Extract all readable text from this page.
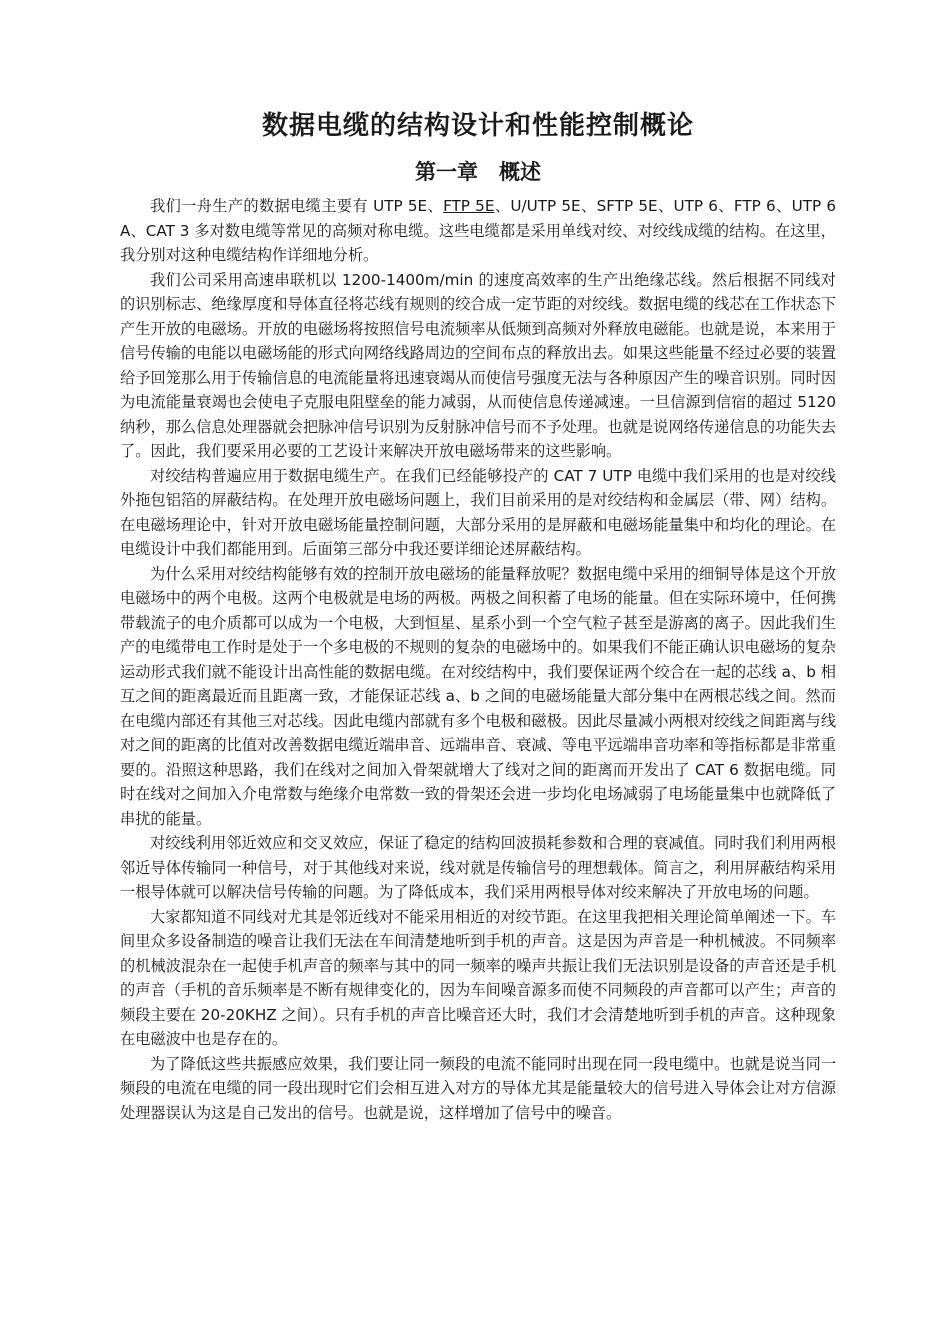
数据电缆的结构设计和性能控制概论
第一章　概述

我们一舟生产的数据电缆主要有 UTP 5E、FTP 5E、U/UTP 5E、SFTP 5E、UTP 6、FTP 6、UTP 6A、CAT 3 多对数电缆等常见的高频对称电缆。这些电缆都是采用单线对绞、对绞线成缆的结构。在这里，我分别对这种电缆结构作详细地分析。

我们公司采用高速串联机以 1200-1400m/min 的速度高效率的生产出绝缘芯线。然后根据不同线对的识别标志、绝缘厚度和导体直径将芯线有规则的绞合成一定节距的对绞线。数据电缆的线芯在工作状态下产生开放的电磁场。开放的电磁场将按照信号电流频率从低频到高频对外释放电磁能。也就是说，本来用于信号传输的电能以电磁场能的形式向网络线路周边的空间布点的释放出去。如果这些能量不经过必要的装置给予回笼那么用于传输信息的电流能量将迅速衰竭从而使信号强度无法与各种原因产生的噪音识别。同时因为电流能量衰竭也会使电子克服电阻壁垒的能力减弱，从而使信息传递减速。一旦信源到信宿的超过 5120 纳秒，那么信息处理器就会把脉冲信号识别为反射脉冲信号而不予处理。也就是说网络传递信息的功能失去了。因此，我们要采用必要的工艺设计来解决开放电磁场带来的这些影响。

对绞结构普遍应用于数据电缆生产。在我们已经能够投产的 CAT 7 UTP 电缆中我们采用的也是对绞线外拖包铝箔的屏蔽结构。在处理开放电磁场问题上，我们目前采用的是对绞结构和金属层（带、网）结构。在电磁场理论中，针对开放电磁场能量控制问题，大部分采用的是屏蔽和电磁场能量集中和均化的理论。在电缆设计中我们都能用到。后面第三部分中我还要详细论述屏蔽结构。

为什么采用对绞结构能够有效的控制开放电磁场的能量释放呢？数据电缆中采用的细铜导体是这个开放电磁场中的两个电极。这两个电极就是电场的两极。两极之间积蓄了电场的能量。但在实际环境中，任何携带载流子的电介质都可以成为一个电极，大到恒星、星系小到一个空气粒子甚至是游离的离子。因此我们生产的电缆带电工作时是处于一个多电极的不规则的复杂的电磁场中的。如果我们不能正确认识电磁场的复杂运动形式我们就不能设计出高性能的数据电缆。在对绞结构中，我们要保证两个绞合在一起的芯线 a、b 相互之间的距离最近而且距离一致，才能保证芯线 a、b 之间的电磁场能量大部分集中在两根芯线之间。然而在电缆内部还有其他三对芯线。因此电缆内部就有多个电极和磁极。因此尽量减小两根对绞线之间距离与线对之间的距离的比值对改善数据电缆近端串音、远端串音、衰减、等电平远端串音功率和等指标都是非常重要的。沿照这种思路，我们在线对之间加入骨架就增大了线对之间的距离而开发出了 CAT 6 数据电缆。同时在线对之间加入介电常数与绝缘介电常数一致的骨架还会进一步均化电场减弱了电场能量集中也就降低了串扰的能量。

对绞线利用邻近效应和交叉效应，保证了稳定的结构回波损耗参数和合理的衰减值。同时我们利用两根邻近导体传输同一种信号，对于其他线对来说，线对就是传输信号的理想载体。简言之，利用屏蔽结构采用一根导体就可以解决信号传输的问题。为了降低成本，我们采用两根导体对绞来解决了开放电场的问题。

大家都知道不同线对尤其是邻近线对不能采用相近的对绞节距。在这里我把相关理论简单阐述一下。车间里众多设备制造的噪音让我们无法在车间清楚地听到手机的声音。这是因为声音是一种机械波。不同频率的机械波混杂在一起使手机声音的频率与其中的同一频率的噪声共振让我们无法识别是设备的声音还是手机的声音（手机的音乐频率是不断有规律变化的，因为车间噪音源多而使不同频段的声音都可以产生；声音的频段主要在 20-20KHZ 之间）。只有手机的声音比噪音还大时，我们才会清楚地听到手机的声音。这种现象在电磁波中也是存在的。

为了降低这些共振感应效果，我们要让同一频段的电流不能同时出现在同一段电缆中。也就是说当同一频段的电流在电缆的同一段出现时它们会相互进入对方的导体尤其是能量较大的信号进入导体会让对方信源处理器误认为这是自己发出的信号。也就是说，这样增加了信号中的噪音。
